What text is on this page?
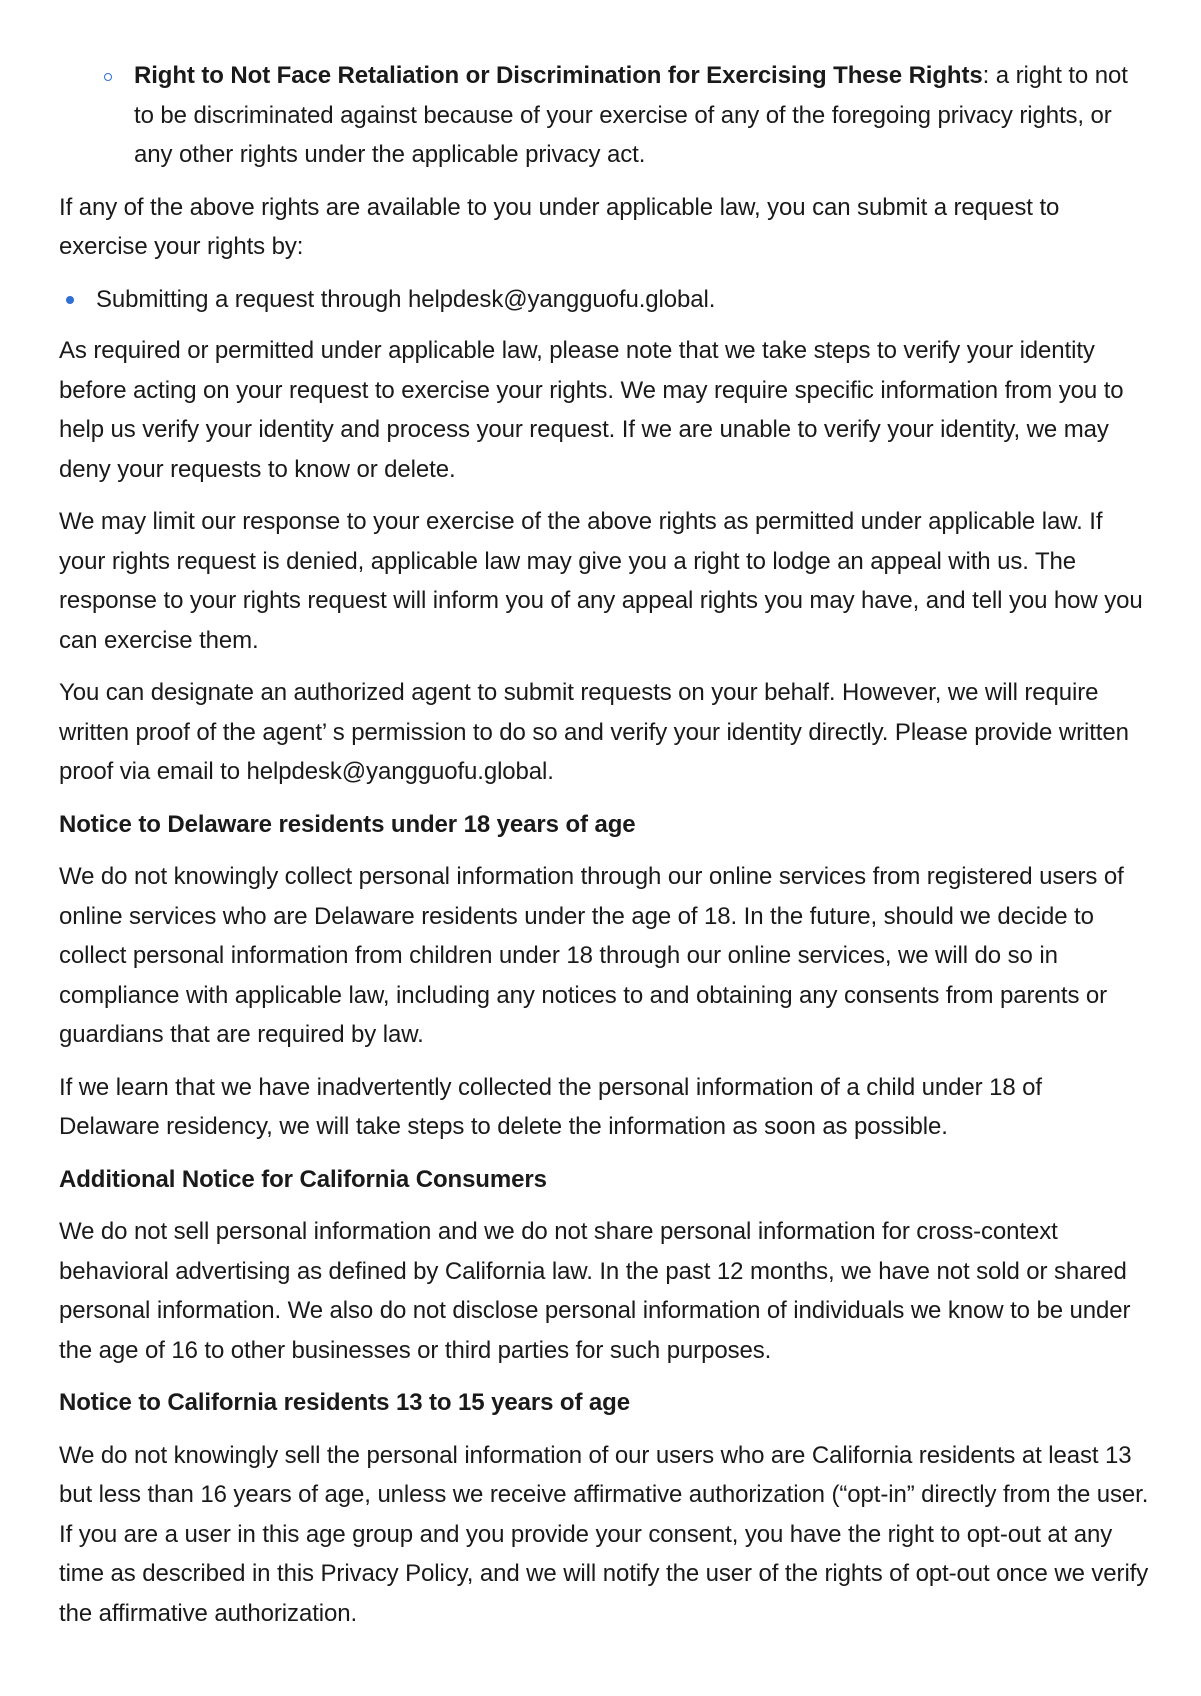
Right to Not Face Retaliation or Discrimination for Exercising These Rights: a right to not to be discriminated against because of your exercise of any of the foregoing privacy rights, or any other rights under the applicable privacy act.

If any of the above rights are available to you under applicable law, you can submit a request to exercise your rights by:

Submitting a request through helpdesk@yangguofu.global.

As required or permitted under applicable law, please note that we take steps to verify your identity before acting on your request to exercise your rights. We may require specific information from you to help us verify your identity and process your request. If we are unable to verify your identity, we may deny your requests to know or delete.

We may limit our response to your exercise of the above rights as permitted under applicable law. If your rights request is denied, applicable law may give you a right to lodge an appeal with us. The response to your rights request will inform you of any appeal rights you may have, and tell you how you can exercise them.

You can designate an authorized agent to submit requests on your behalf. However, we will require written proof of the agent’ s permission to do so and verify your identity directly. Please provide written proof via email to helpdesk@yangguofu.global.

Notice to Delaware residents under 18 years of age

We do not knowingly collect personal information through our online services from registered users of online services who are Delaware residents under the age of 18. In the future, should we decide to collect personal information from children under 18 through our online services, we will do so in compliance with applicable law, including any notices to and obtaining any consents from parents or guardians that are required by law.

If we learn that we have inadvertently collected the personal information of a child under 18 of Delaware residency, we will take steps to delete the information as soon as possible.

Additional Notice for California Consumers

We do not sell personal information and we do not share personal information for cross-context behavioral advertising as defined by California law. In the past 12 months, we have not sold or shared personal information. We also do not disclose personal information of individuals we know to be under the age of 16 to other businesses or third parties for such purposes.

Notice to California residents 13 to 15 years of age

We do not knowingly sell the personal information of our users who are California residents at least 13 but less than 16 years of age, unless we receive affirmative authorization (“opt-in” directly from the user. If you are a user in this age group and you provide your consent, you have the right to opt-out at any time as described in this Privacy Policy, and we will notify the user of the rights of opt-out once we verify the affirmative authorization.
